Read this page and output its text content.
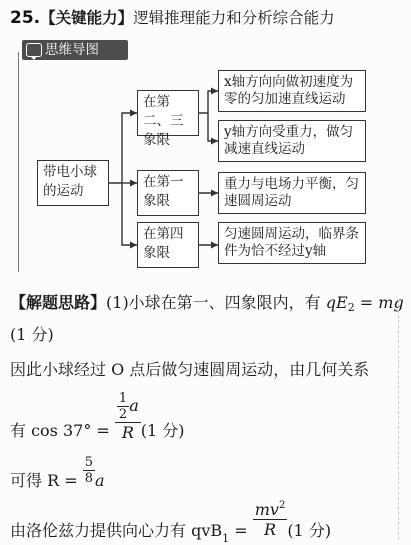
25.【关键能力】逻辑推理能力和分析综合能力
思维导图
带电小球的运动
在第二、三象限
在第一象限
在第四象限
x轴方向向做初速度为零的匀加速直线运动
y轴方向受重力，做匀减速直线运动
重力与电场力平衡，匀速圆周运动
匀速圆周运动，临界条件为恰不经过y轴
【解题思路】(1)小球在第一、四象限内，有 $qE_2$ = mg
(1 分)
因此小球经过 O 点后做匀速圆周运动，由几何关系
有 $\cos 37^\circ = \frac{\frac{1}{2} a}{R} (1$ 分)
可得 $R = \frac{5}{8}$ a
由洛伦兹力提供向心力有 $qvB_1 = \frac{mv^2}{R} (1$ 分)
